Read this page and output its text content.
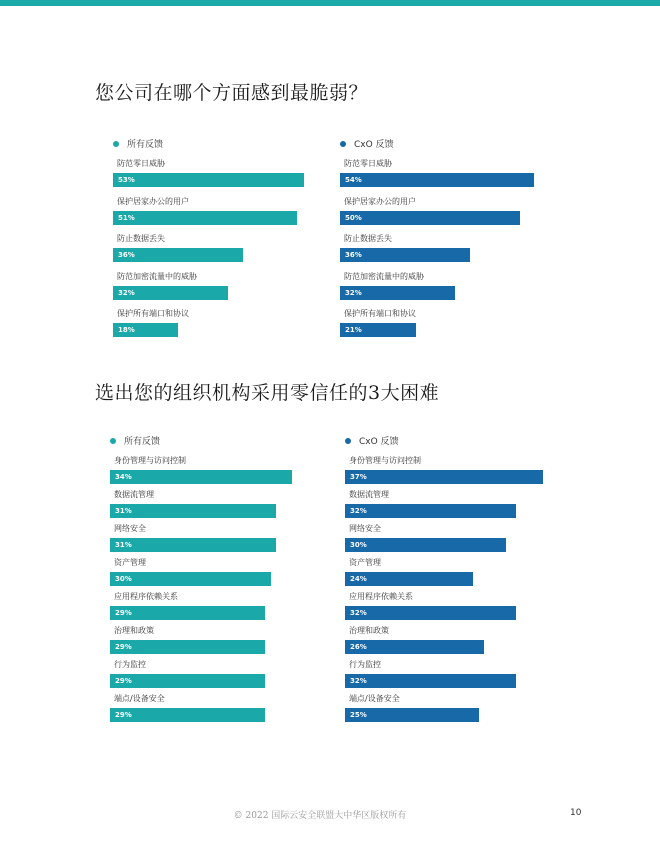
您公司在哪个方面感到最脆弱？
所有反馈
防范零日威胁
53%
保护居家办公的用户
51%
防止数据丢失
36%
防范加密流量中的威胁
32%
保护所有端口和协议
18%
CxO 反馈
防范零日威胁
54%
保护居家办公的用户
50%
防止数据丢失
36%
防范加密流量中的威胁
32%
保护所有端口和协议
21%
选出您的组织机构采用零信任的3大困难
所有反馈
身份管理与访问控制
34%
数据流管理
31%
网络安全
31%
资产管理
30%
应用程序依赖关系
29%
治理和政策
29%
行为监控
29%
端点/设备安全
29%
CxO 反馈
身份管理与访问控制
37%
数据流管理
32%
网络安全
30%
资产管理
24%
应用程序依赖关系
32%
治理和政策
26%
行为监控
32%
端点/设备安全
25%
© 2022 国际云安全联盟大中华区版权所有	10
